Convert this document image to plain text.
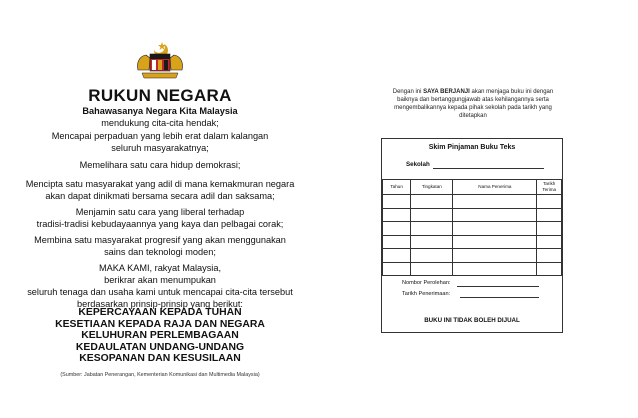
RUKUN NEGARA
Bahawasanya Negara Kita Malaysia
mendukung cita-cita hendak;
Mencapai perpaduan yang lebih erat dalam kalangan
seluruh masyarakatnya;
Memelihara satu cara hidup demokrasi;
Mencipta satu masyarakat yang adil di mana kemakmuran negara
akan dapat dinikmati bersama secara adil dan saksama;
Menjamin satu cara yang liberal terhadap
tradisi-tradisi kebudayaannya yang kaya dan pelbagai corak;
Membina satu masyarakat progresif yang akan menggunakan
sains dan teknologi moden;
MAKA KAMI, rakyat Malaysia,
berikrar akan menumpukan
seluruh tenaga dan usaha kami untuk mencapai cita-cita tersebut
berdasarkan prinsip-prinsip yang berikut:
KEPERCAYAAN KEPADA TUHAN
KESETIAAN KEPADA RAJA DAN NEGARA
KELUHURAN PERLEMBAGAAN
KEDAULATAN UNDANG-UNDANG
KESOPANAN DAN KESUSILAAN
(Sumber: Jabatan Penerangan, Kementerian Komunikasi dan Multimedia Malaysia)
Dengan ini SAYA BERJANJI akan menjaga buku ini dengan baiknya dan bertanggungjawab atas kehilangannya serta mengembalikannya kepada pihak sekolah pada tarikh yang ditetapkan
Skim Pinjaman Buku Teks
Sekolah
Tahun	Tingkatan	Nama Penerima	Tarikh Terima

Nombor Perolehan:
Tarikh Penerimaan:
BUKU INI TIDAK BOLEH DIJUAL
